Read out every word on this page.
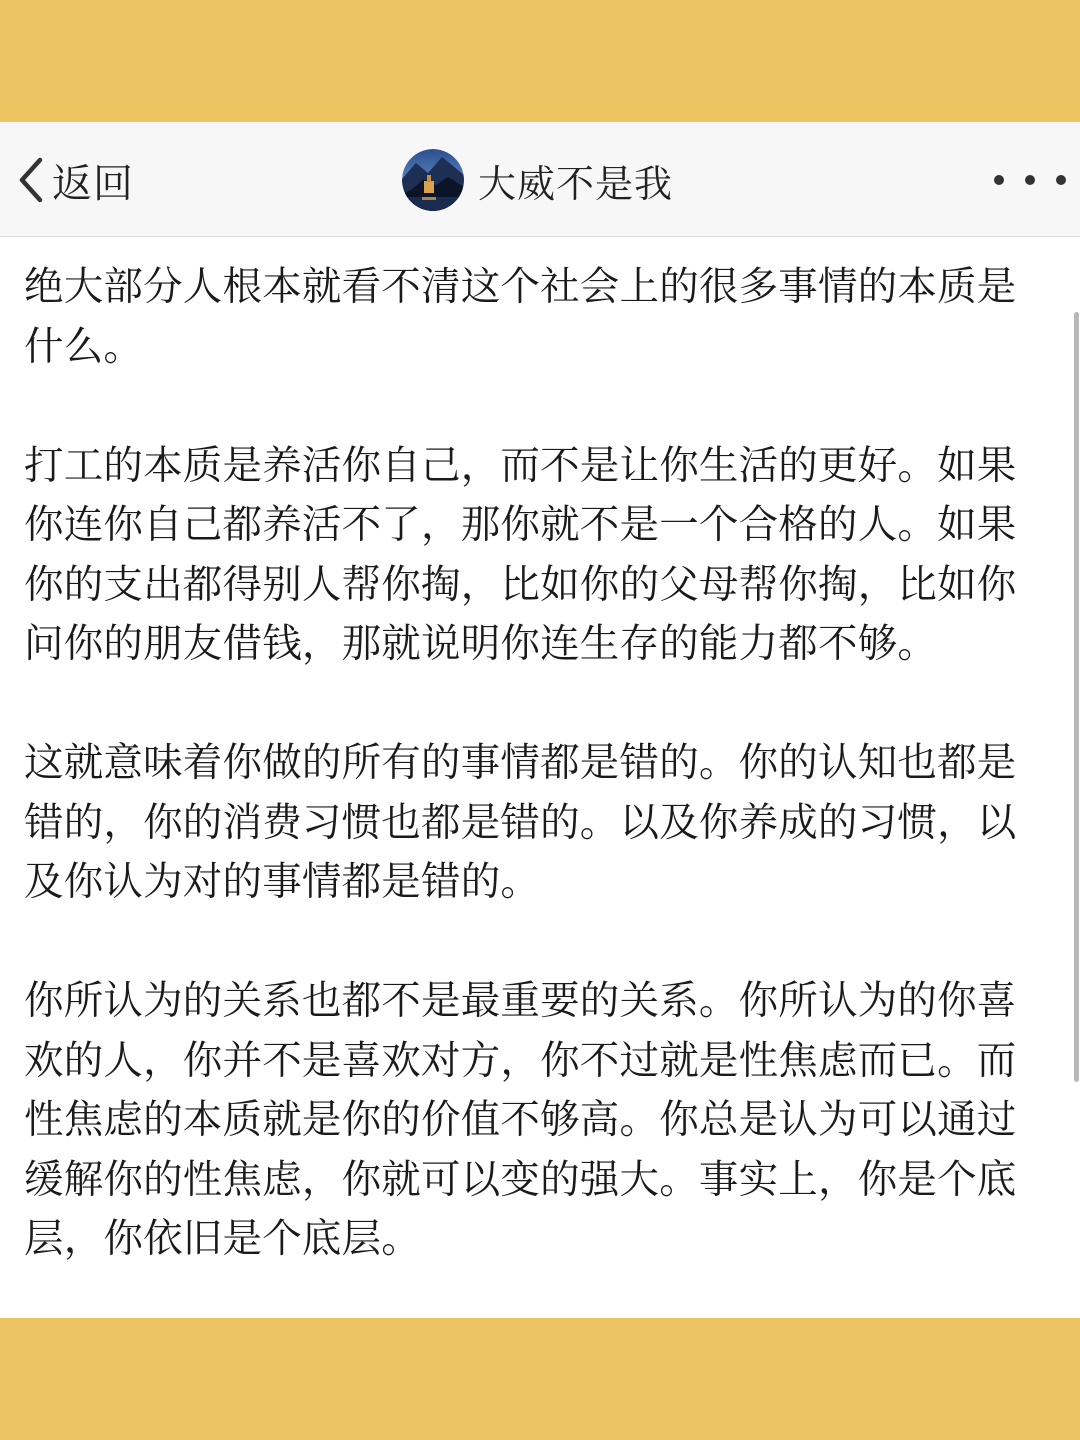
返回	大威不是我

绝大部分人根本就看不清这个社会上的很多事情的本质是什么。

打工的本质是养活你自己，而不是让你生活的更好。如果你连你自己都养活不了，那你就不是一个合格的人。如果你的支出都得别人帮你掏，比如你的父母帮你掏，比如你问你的朋友借钱，那就说明你连生存的能力都不够。

这就意味着你做的所有的事情都是错的。你的认知也都是错的，你的消费习惯也都是错的。以及你养成的习惯，以及你认为对的事情都是错的。

你所认为的关系也都不是最重要的关系。你所认为的你喜欢的人，你并不是喜欢对方，你不过就是性焦虑而已。而性焦虑的本质就是你的价值不够高。你总是认为可以通过缓解你的性焦虑，你就可以变的强大。事实上，你是个底层，你依旧是个底层。
